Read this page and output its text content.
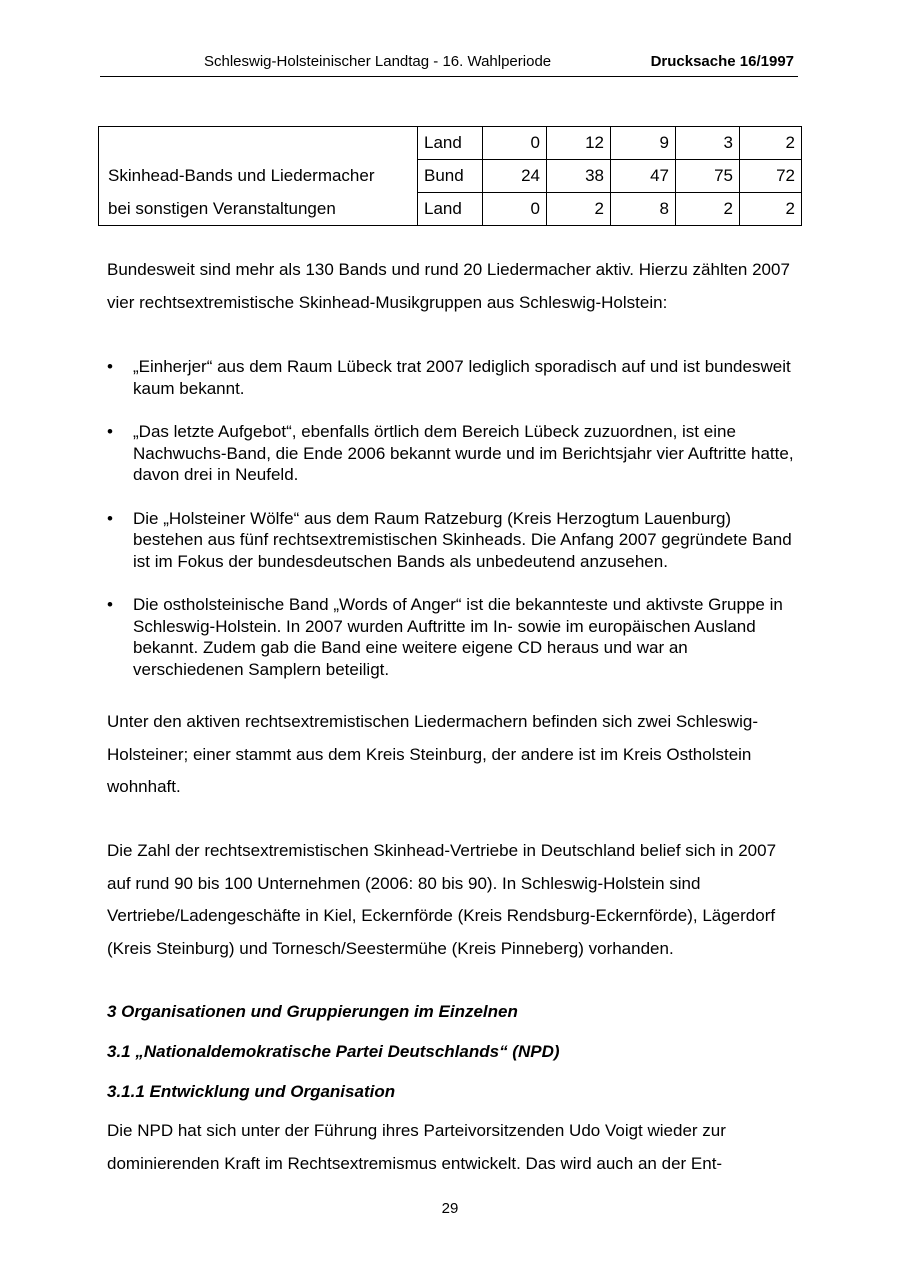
Schleswig-Holsteinischer Landtag - 16. Wahlperiode	Drucksache 16/1997
	Land	0	12	9	3	2
Skinhead-Bands und Liedermacher	Bund	24	38	47	75	72
bei sonstigen Veranstaltungen	Land	0	2	8	2	2
Bundesweit sind mehr als 130 Bands und rund 20 Liedermacher aktiv. Hierzu zählten 2007 vier rechtsextremistische Skinhead-Musikgruppen aus Schleswig-Holstein:
• „Einherjer“ aus dem Raum Lübeck trat 2007 lediglich sporadisch auf und ist bundesweit kaum bekannt.
• „Das letzte Aufgebot“, ebenfalls örtlich dem Bereich Lübeck zuzuordnen, ist eine Nachwuchs-Band, die Ende 2006 bekannt wurde und im Berichtsjahr vier Auftritte hatte, davon drei in Neufeld.
• Die „Holsteiner Wölfe“ aus dem Raum Ratzeburg (Kreis Herzogtum Lauenburg) bestehen aus fünf rechtsextremistischen Skinheads. Die Anfang 2007 gegründete Band ist im Fokus der bundesdeutschen Bands als unbedeutend anzusehen.
• Die ostholsteinische Band „Words of Anger“ ist die bekannteste und aktivste Gruppe in Schleswig-Holstein. In 2007 wurden Auftritte im In- sowie im europäischen Ausland bekannt. Zudem gab die Band eine weitere eigene CD heraus und war an verschiedenen Samplern beteiligt.
Unter den aktiven rechtsextremistischen Liedermachern befinden sich zwei Schleswig-Holsteiner; einer stammt aus dem Kreis Steinburg, der andere ist im Kreis Ostholstein wohnhaft.
Die Zahl der rechtsextremistischen Skinhead-Vertriebe in Deutschland belief sich in 2007 auf rund 90 bis 100 Unternehmen (2006: 80 bis 90). In Schleswig-Holstein sind Vertriebe/Ladengeschäfte in Kiel, Eckernförde (Kreis Rendsburg-Eckernförde), Lägerdorf (Kreis Steinburg) und Tornesch/Seestermühe (Kreis Pinneberg) vorhanden.
3 Organisationen und Gruppierungen im Einzelnen
3.1 „Nationaldemokratische Partei Deutschlands“ (NPD)
3.1.1 Entwicklung und Organisation
Die NPD hat sich unter der Führung ihres Parteivorsitzenden Udo Voigt wieder zur dominierenden Kraft im Rechtsextremismus entwickelt. Das wird auch an der Ent-
29
